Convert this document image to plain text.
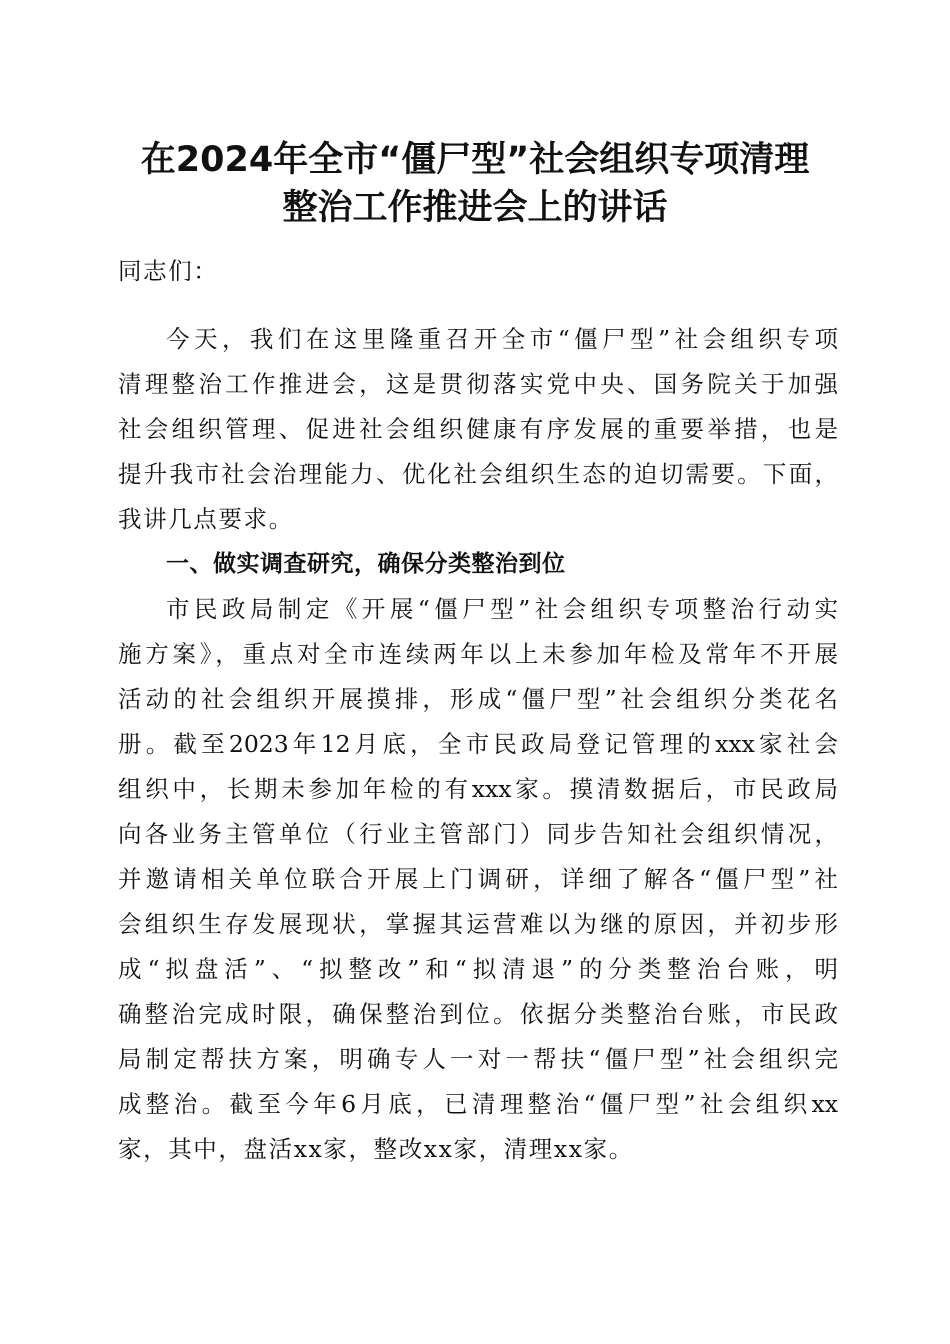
在2024年全市“僵尸型”社会组织专项清理
整治工作推进会上的讲话

同志们：

今天，我们在这里隆重召开全市“僵尸型”社会组织专项

清理整治工作推进会，这是贯彻落实党中央、国务院关于加强

社会组织管理、促进社会组织健康有序发展的重要举措，也是

提升我市社会治理能力、优化社会组织生态的迫切需要。下面，

我讲几点要求。

一、做实调查研究，确保分类整治到位

市民政局制定《开展“僵尸型”社会组织专项整治行动实

施方案》，重点对全市连续两年以上未参加年检及常年不开展

活动的社会组织开展摸排，形成“僵尸型”社会组织分类花名

册。截至2023年12月底，全市民政局登记管理的xxx家社会

组织中，长期未参加年检的有xxx家。摸清数据后，市民政局

向各业务主管单位（行业主管部门）同步告知社会组织情况，

并邀请相关单位联合开展上门调研，详细了解各“僵尸型”社

会组织生存发展现状，掌握其运营难以为继的原因，并初步形

成“拟盘活”、“拟整改”和“拟清退”的分类整治台账，明

确整治完成时限，确保整治到位。依据分类整治台账，市民政

局制定帮扶方案，明确专人一对一帮扶“僵尸型”社会组织完

成整治。截至今年6月底，已清理整治“僵尸型”社会组织xx

家，其中，盘活xx家，整改xx家，清理xx家。
